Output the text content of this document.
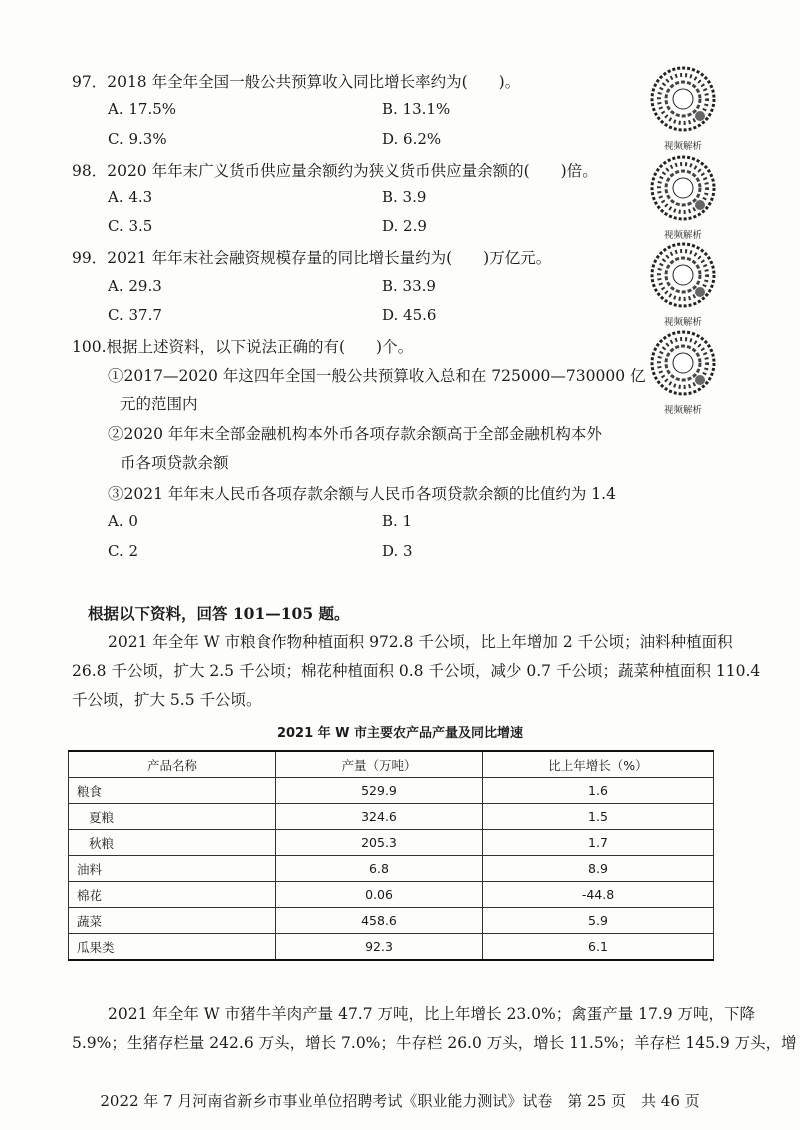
97．2018 年全年全国一般公共预算收入同比增长率约为(　　)。
A. 17.5%	B. 13.1%
C. 9.3%	D. 6.2%
98．2020 年年末广义货币供应量余额约为狭义货币供应量余额的(　　)倍。
A. 4.3	B. 3.9
C. 3.5	D. 2.9
99．2021 年年末社会融资规模存量的同比增长量约为(　　)万亿元。
A. 29.3	B. 33.9
C. 37.7	D. 45.6
100.根据上述资料，以下说法正确的有(　　)个。
①2017—2020 年这四年全国一般公共预算收入总和在 725000—730000 亿
元的范围内
②2020 年年末全部金融机构本外币各项存款余额高于全部金融机构本外
币各项贷款余额
③2021 年年末人民币各项存款余额与人民币各项贷款余额的比值约为 1.4
A. 0	B. 1
C. 2	D. 3
视频解析
视频解析
视频解析
视频解析
根据以下资料，回答 101—105 题。
2021 年全年 W 市粮食作物种植面积 972.8 千公顷，比上年增加 2 千公顷；油料种植面积
26.8 千公顷，扩大 2.5 千公顷；棉花种植面积 0.8 千公顷，减少 0.7 千公顷；蔬菜种植面积 110.4
千公顷，扩大 5.5 千公顷。
2021 年 W 市主要农产品产量及同比增速
产品名称	产量（万吨）	比上年增长（%）
粮食	529.9	1.6
夏粮	324.6	1.5
秋粮	205.3	1.7
油料	6.8	8.9
棉花	0.06	-44.8
蔬菜	458.6	5.9
瓜果类	92.3	6.1
2021 年全年 W 市猪牛羊肉产量 47.7 万吨，比上年增长 23.0%；禽蛋产量 17.9 万吨，下降
5.9%；生猪存栏量 242.6 万头，增长 7.0%；牛存栏 26.0 万头，增长 11.5%；羊存栏 145.9 万头，增
2022 年 7 月河南省新乡市事业单位招聘考试《职业能力测试》试卷　第 25 页　共 46 页
